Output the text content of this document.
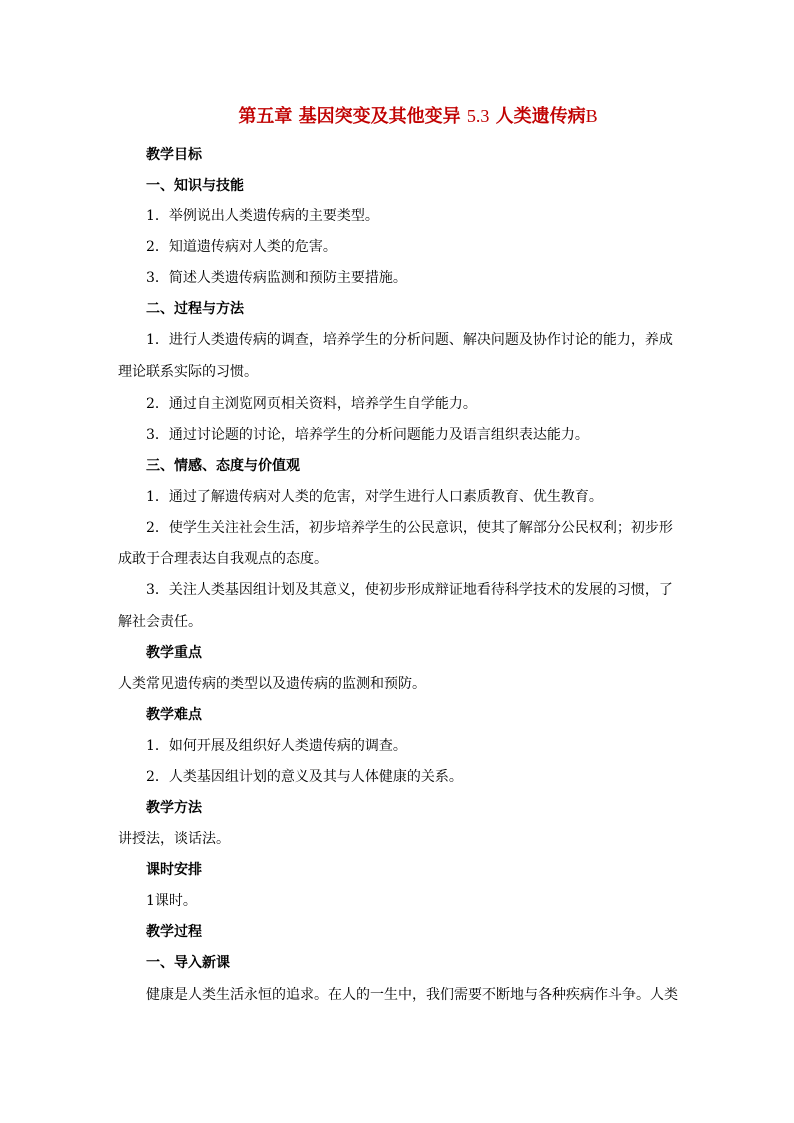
第五章 基因突变及其他变异 5.3 人类遗传病B
教学目标
一、知识与技能
1．举例说出人类遗传病的主要类型。
2．知道遗传病对人类的危害。
3．简述人类遗传病监测和预防主要措施。
二、过程与方法
1．进行人类遗传病的调查，培养学生的分析问题、解决问题及协作讨论的能力，养成
理论联系实际的习惯。
2．通过自主浏览网页相关资料，培养学生自学能力。
3．通过讨论题的讨论，培养学生的分析问题能力及语言组织表达能力。
三、情感、态度与价值观
1．通过了解遗传病对人类的危害，对学生进行人口素质教育、优生教育。
2．使学生关注社会生活，初步培养学生的公民意识，使其了解部分公民权利；初步形
成敢于合理表达自我观点的态度。
3．关注人类基因组计划及其意义，使初步形成辩证地看待科学技术的发展的习惯，了
解社会责任。
教学重点
人类常见遗传病的类型以及遗传病的监测和预防。
教学难点
1．如何开展及组织好人类遗传病的调查。
2．人类基因组计划的意义及其与人体健康的关系。
教学方法
讲授法，谈话法。
课时安排
1课时。
教学过程
一、导入新课
健康是人类生活永恒的追求。在人的一生中，我们需要不断地与各种疾病作斗争。人类
